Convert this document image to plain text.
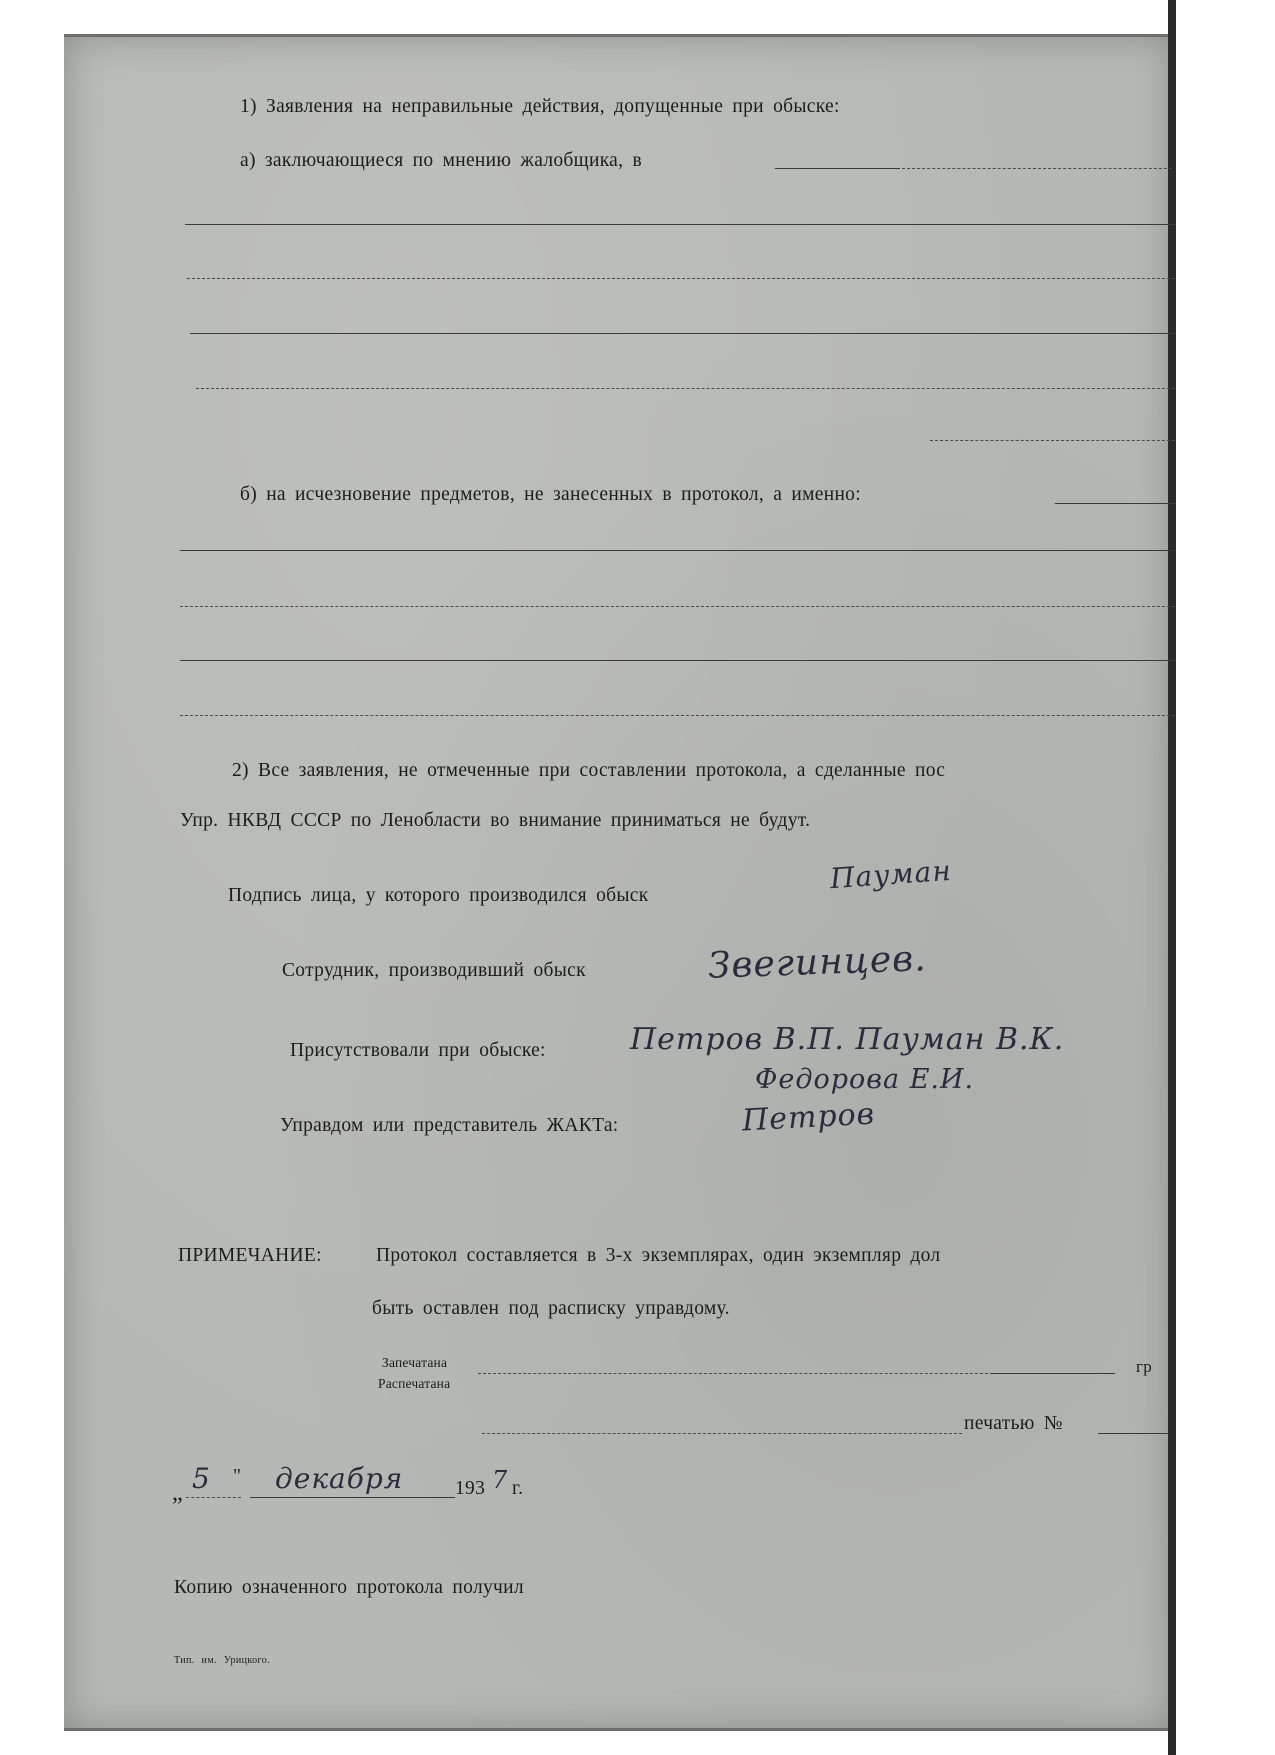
1) Заявления на неправильные действия, допущенные при обыске:
а) заключающиеся по мнению жалобщика, в
б) на исчезновение предметов, не занесенных в протокол, а именно:
2) Все заявления, не отмеченные при составлении протокола, а сделанные пос
Упр. НКВД СССР по Ленобласти во внимание приниматься не будут.
Подпись лица, у которого производился обыск
Пауман
Сотрудник, производивший обыск	Звегинцев.
Присутствовали при обыске:	Петров В.П. Пауман В.К.
Федорова Е.И.
Управдом или представитель ЖАКТа:	Петров
ПРИМЕЧАНИЕ:	Протокол составляется в 3-х экземплярах, один экземпляр дол
быть оставлен под расписку управдому.
Запечатана
Распечатана
гр
печатью №
„ 5 " декабря	193 7 г.
Копию означенного протокола получил
Тип. им. Урицкого.
